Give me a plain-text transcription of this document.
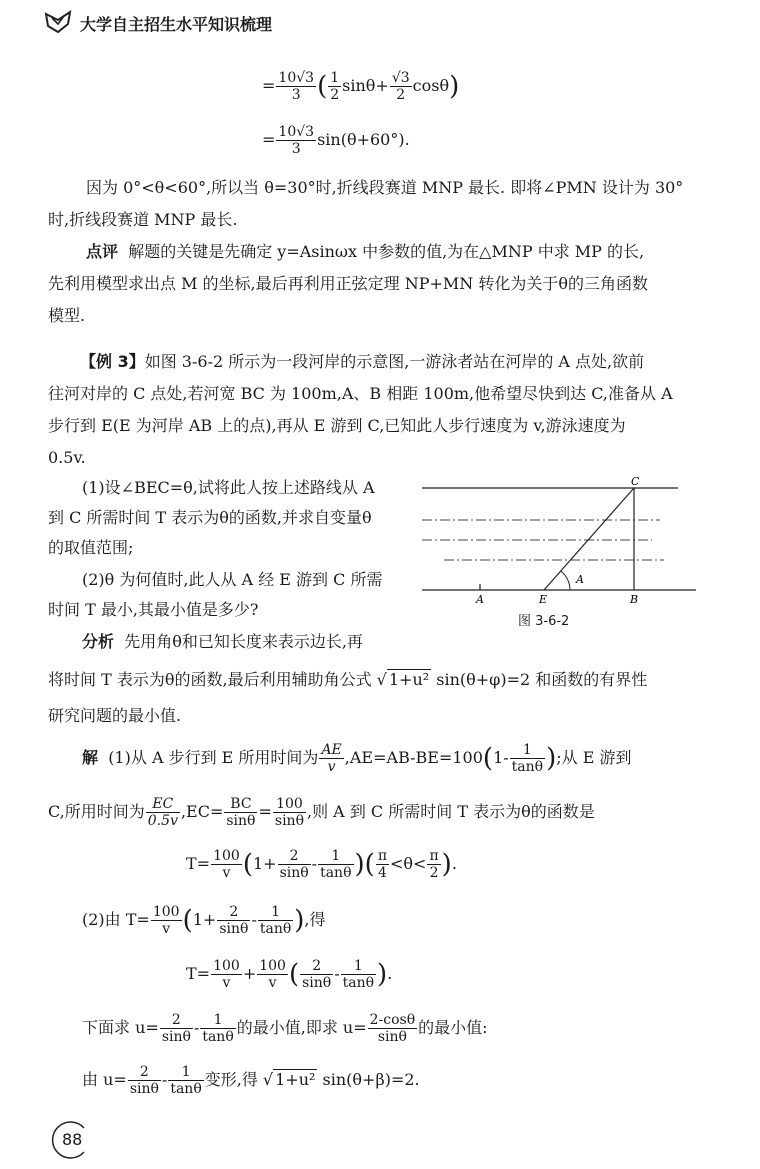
大学自主招生水平知识梳理
= $\frac{10√3}{3}$ ( $\frac{1}{2} \sin\theta+ \frac{√3}{2} \cos\theta$)
= $\frac{10√3}{3} \sin(\theta+60^\circ)$.
因为 0°<θ<60°,所以当 θ=30°时,折线段赛道 MNP 最长. 即将∠PMN 设计为 30°
时,折线段赛道 MNP 最长.
点评 解题的关键是先确定 y=Asinωx 中参数的值,为在△MNP 中求 MP 的长,
先利用模型求出点 M 的坐标,最后再利用正弦定理 NP+MN 转化为关于θ的三角函数
模型.
【例 3】如图 3-6-2 所示为一段河岸的示意图,一游泳者站在河岸的 A 点处,欲前
往河对岸的 C 点处,若河宽 BC 为 100m,A、B 相距 100m,他希望尽快到达 C,准备从 A
步行到 E(E 为河岸 AB 上的点),再从 E 游到 C,已知此人步行速度为 v,游泳速度为
0.5v.
(1)设∠BEC=θ,试将此人按上述路线从 A
到 C 所需时间 T 表示为θ的函数,并求自变量θ
的取值范围;
(2)θ 为何值时,此人从 A 经 E 游到 C 所需
时间 T 最小,其最小值是多少?
分析 先用角θ和已知长度来表示边长,再
C
A	E	B
A
图 3-6-2
将时间 T 表示为θ的函数,最后利用辅助角公式 √ 1+u² sin(θ+φ)=2 和函数的有界性
研究问题的最小值.
解 (1)从 A 步行到 E 所用时间为 $\frac{AE}{v} ,AE=AB-BE=100(1- \frac{1}{\tan\theta}$ );从 E 游到
C,所用时间为 $\frac{EC}{0.5v} ,EC= \frac{BC}{\sin\theta} = \frac{100}{\sin\theta}$ ,则 A 到 C 所需时间 T 表示为θ的函数是
$T= \frac{100}{v} (1+ \frac{2}{\sin\theta} - \frac{1}{\tan\theta}$ )( $\frac{\pi}{4} <\theta< \frac{\pi}{2}$ ).
(2)由 $T= \frac{100}{v} (1+ \frac{2}{\sin\theta} - \frac{1}{\tan\theta}$ ),得
$T= \frac{100}{v} + \frac{100}{v}$ ( $\frac{2}{\sin\theta} - \frac{1}{\tan\theta}$ ).
下面求 $u= \frac{2}{\sin\theta} - \frac{1}{\tan\theta}$ 的最小值,即求 $u= \frac{2-\cos\theta}{\sin\theta}$ 的最小值:
由 $u= \frac{2}{\sin\theta} - \frac{1}{\tan\theta}$ 变形,得 √ 1+u² sin(θ+β)=2.
88
